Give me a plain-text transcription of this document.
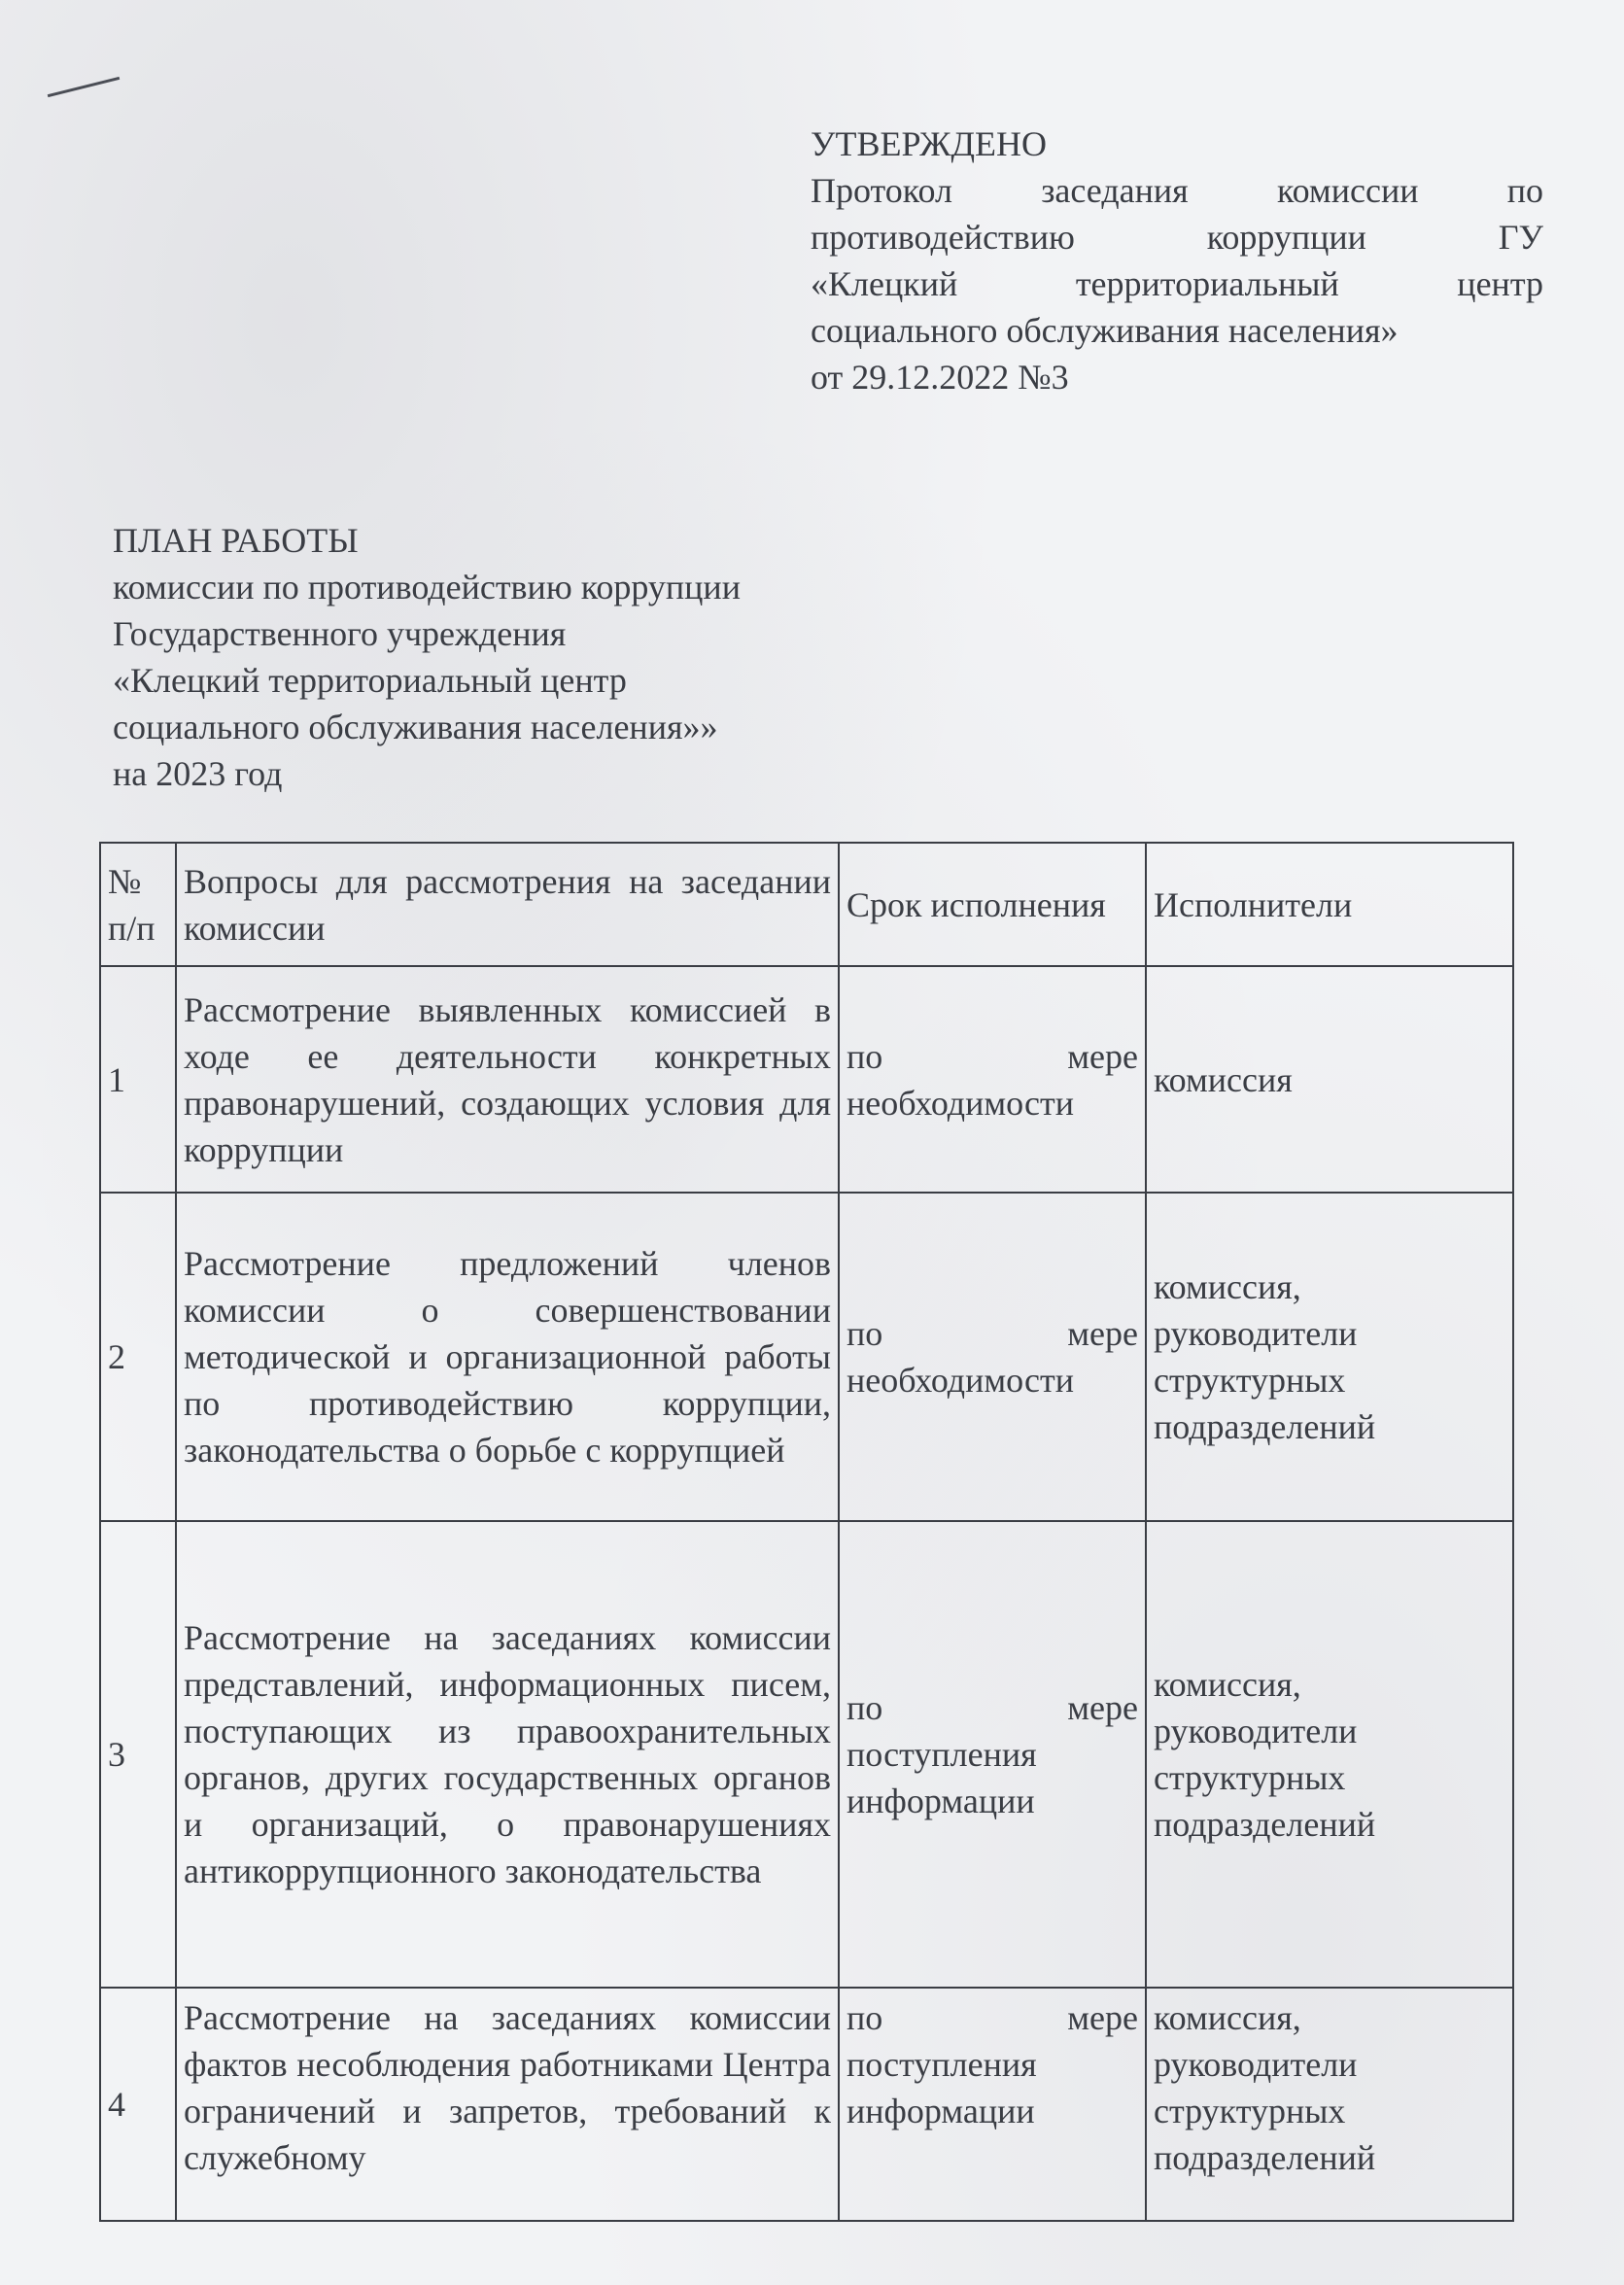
УТВЕРЖДЕНО
Протокол заседания комиссии по
противодействию коррупции ГУ
«Клецкий территориальный центр
социального обслуживания населения»
от 29.12.2022 №3
ПЛАН РАБОТЫ
комиссии по противодействию коррупции
Государственного учреждения
«Клецкий территориальный центр
социального обслуживания населения»»
на 2023 год
№ п/п	Вопросы для рассмотрения на заседании комиссии	Срок исполнения	Исполнители
1	Рассмотрение выявленных комиссией в ходе ее деятельности конкретных правонарушений, создающих условия для коррупции	по мере необходимости	комиссия
2	Рассмотрение предложений членов комиссии о совершенствовании методической и организационной работы по противодействию коррупции, законодательства о борьбе с коррупцией	по мере необходимости	комиссия, руководители структурных подразделений
3	Рассмотрение на заседаниях комиссии представлений, информационных писем, поступающих из правоохранительных органов, других государственных органов и организаций, о правонарушениях антикоррупционного законодательства	по мере поступления информации	комиссия, руководители структурных подразделений
4	Рассмотрение на заседаниях комиссии фактов несоблюдения работниками Центра ограничений и запретов, требований к служебному	по мере поступления информации	комиссия, руководители структурных подразделений
